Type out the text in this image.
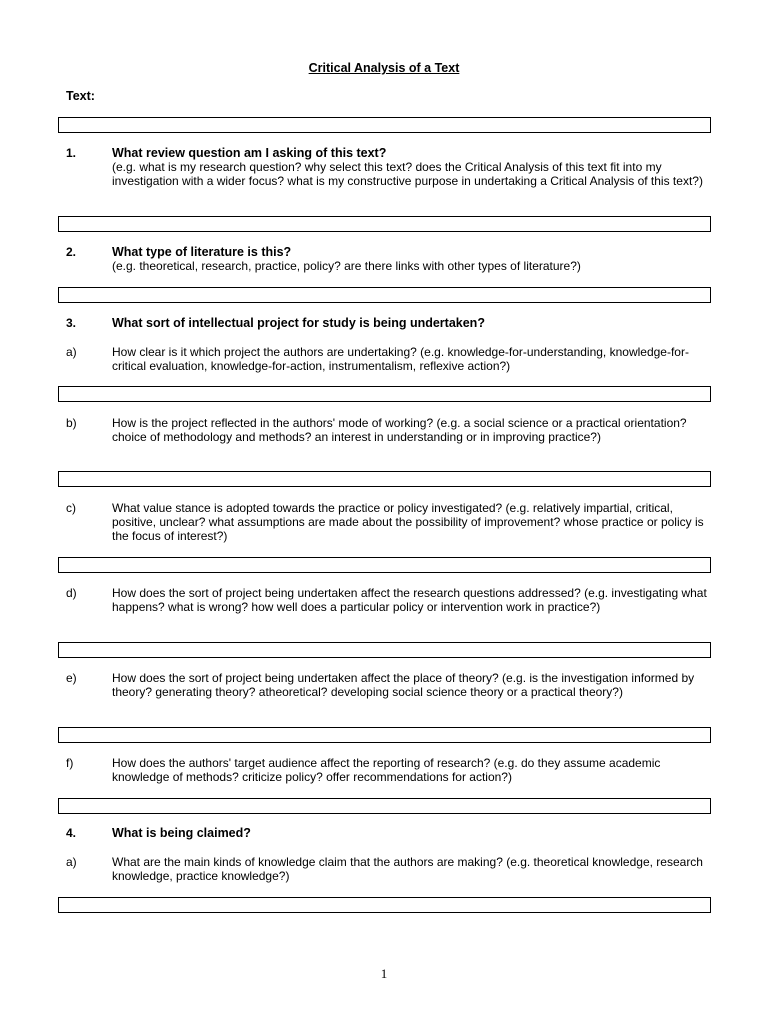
Critical Analysis of a Text
Text:
1.	What review question am I asking of this text?
(e.g. what is my research question? why select this text? does the Critical Analysis of this text fit into my investigation with a wider focus? what is my constructive purpose in undertaking a Critical Analysis of this text?)
2.	What type of literature is this?
(e.g. theoretical, research, practice, policy? are there links with other types of literature?)
3.	What sort of intellectual project for study is being undertaken?
a)	How clear is it which project the authors are undertaking? (e.g. knowledge-for-understanding, knowledge-for-critical evaluation, knowledge-for-action, instrumentalism, reflexive action?)
b)	How is the project reflected in the authors' mode of working? (e.g. a social science or a practical orientation? choice of methodology and methods? an interest in understanding or in improving practice?)
c)	What value stance is adopted towards the practice or policy investigated? (e.g. relatively impartial, critical, positive, unclear? what assumptions are made about the possibility of improvement? whose practice or policy is the focus of interest?)
d)	How does the sort of project being undertaken affect the research questions addressed? (e.g. investigating what happens? what is wrong? how well does a particular policy or intervention work in practice?)
e)	How does the sort of project being undertaken affect the place of theory? (e.g. is the investigation informed by theory? generating theory? atheoretical? developing social science theory or a practical theory?)
f)	How does the authors' target audience affect the reporting of research? (e.g. do they assume academic knowledge of methods? criticize policy? offer recommendations for action?)
4.	What is being claimed?
a)	What are the main kinds of knowledge claim that the authors are making? (e.g. theoretical knowledge, research knowledge, practice knowledge?)
1
